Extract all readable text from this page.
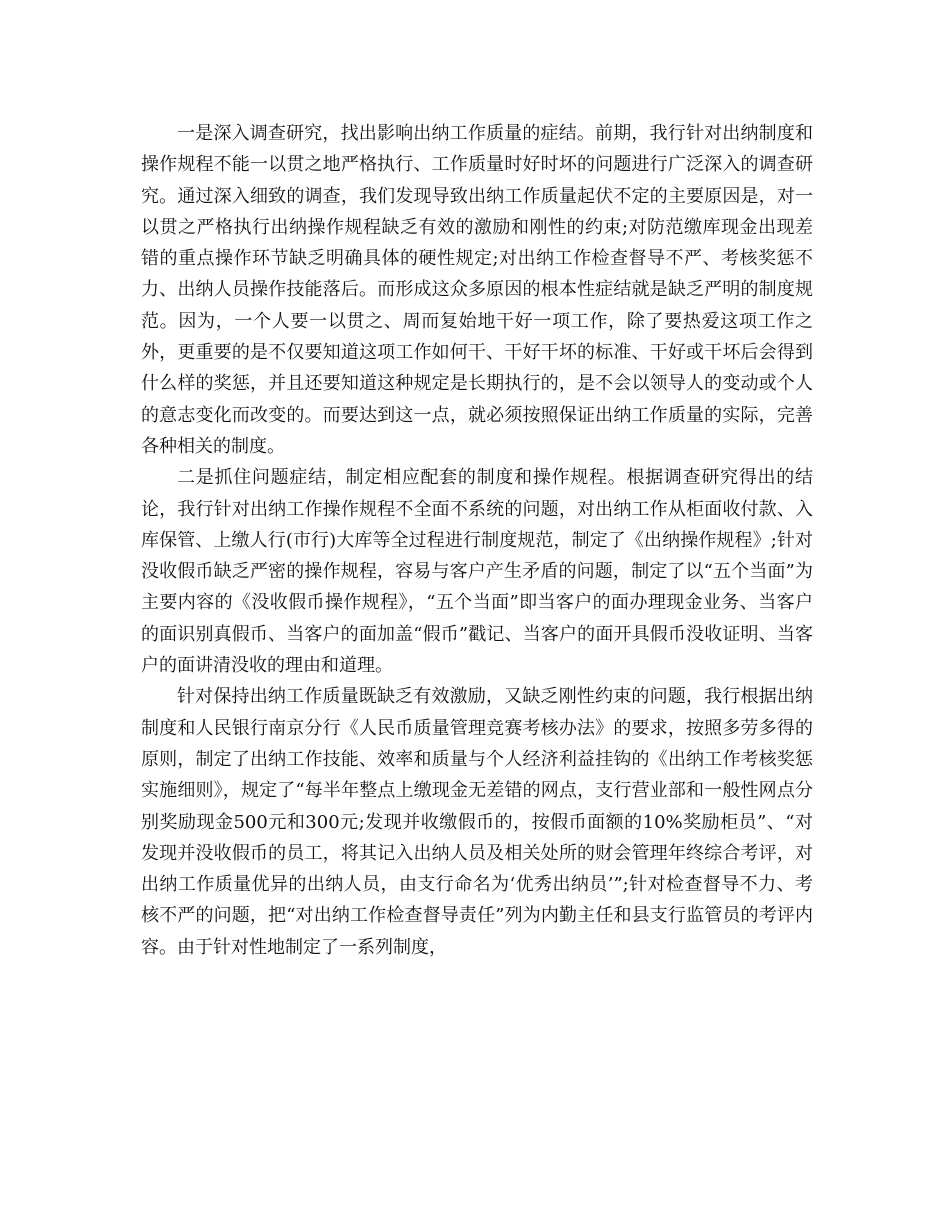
一是深入调查研究，找出影响出纳工作质量的症结。前期，我行针对出纳制度和操作规程不能一以贯之地严格执行、工作质量时好时坏的问题进行广泛深入的调查研究。通过深入细致的调查，我们发现导致出纳工作质量起伏不定的主要原因是，对一以贯之严格执行出纳操作规程缺乏有效的激励和刚性的约束;对防范缴库现金出现差错的重点操作环节缺乏明确具体的硬性规定;对出纳工作检查督导不严、考核奖惩不力、出纳人员操作技能落后。而形成这众多原因的根本性症结就是缺乏严明的制度规范。因为，一个人要一以贯之、周而复始地干好一项工作，除了要热爱这项工作之外，更重要的是不仅要知道这项工作如何干、干好干坏的标准、干好或干坏后会得到什么样的奖惩，并且还要知道这种规定是长期执行的，是不会以领导人的变动或个人的意志变化而改变的。而要达到这一点，就必须按照保证出纳工作质量的实际，完善各种相关的制度。

二是抓住问题症结，制定相应配套的制度和操作规程。根据调查研究得出的结论，我行针对出纳工作操作规程不全面不系统的问题，对出纳工作从柜面收付款、入库保管、上缴人行(市行)大库等全过程进行制度规范，制定了《出纳操作规程》;针对没收假币缺乏严密的操作规程，容易与客户产生矛盾的问题，制定了以“五个当面”为主要内容的《没收假币操作规程》，“五个当面”即当客户的面办理现金业务、当客户的面识别真假币、当客户的面加盖“假币”戳记、当客户的面开具假币没收证明、当客户的面讲清没收的理由和道理。

针对保持出纳工作质量既缺乏有效激励，又缺乏刚性约束的问题，我行根据出纳制度和人民银行南京分行《人民币质量管理竞赛考核办法》的要求，按照多劳多得的原则，制定了出纳工作技能、效率和质量与个人经济利益挂钩的《出纳工作考核奖惩实施细则》，规定了“每半年整点上缴现金无差错的网点，支行营业部和一般性网点分别奖励现金500元和300元;发现并收缴假币的，按假币面额的10%奖励柜员”、“对发现并没收假币的员工，将其记入出纳人员及相关处所的财会管理年终综合考评，对出纳工作质量优异的出纳人员，由支行命名为‘优秀出纳员’”;针对检查督导不力、考核不严的问题，把“对出纳工作检查督导责任”列为内勤主任和县支行监管员的考评内容。由于针对性地制定了一系列制度，
